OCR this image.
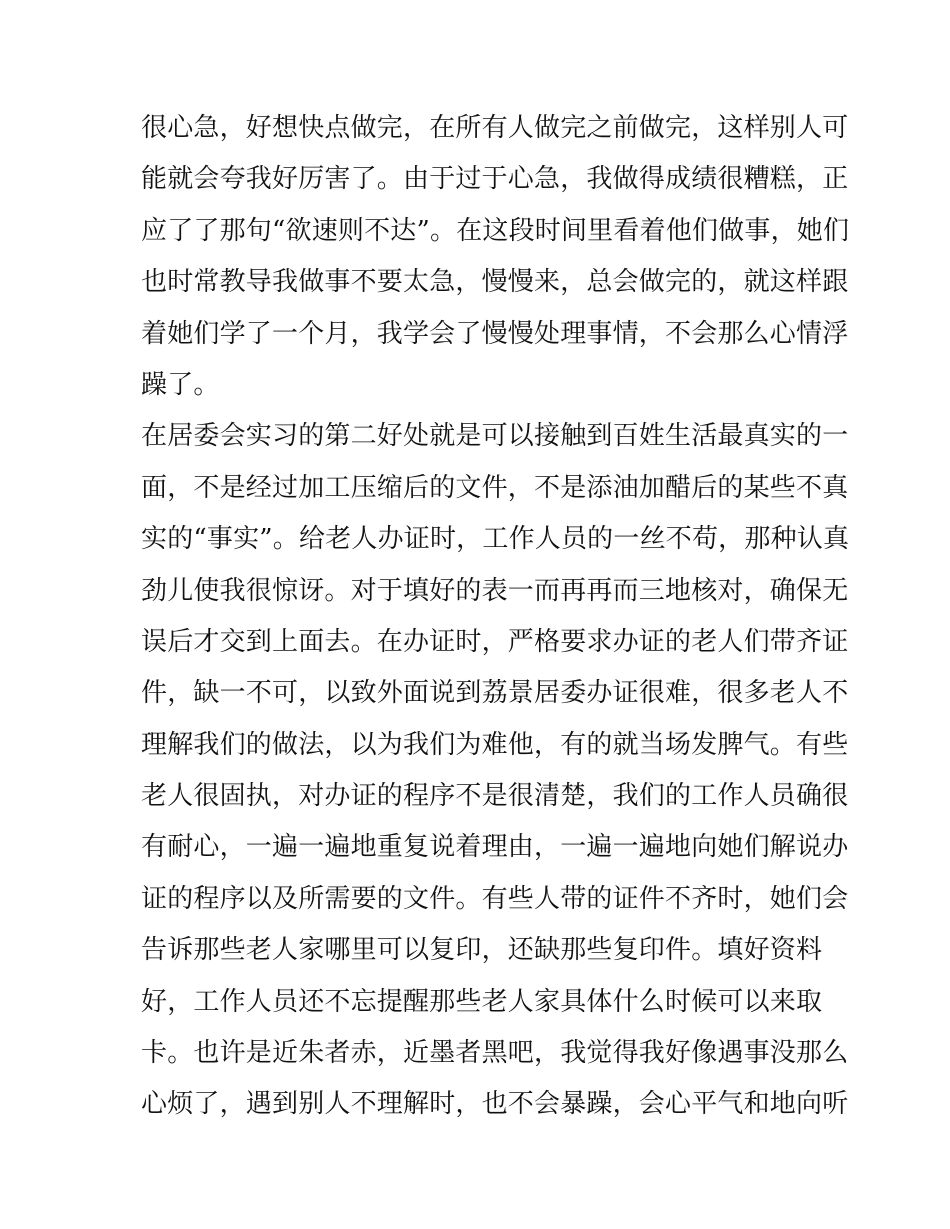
很心急，好想快点做完，在所有人做完之前做完，这样别人可
能就会夸我好厉害了。由于过于心急，我做得成绩很糟糕，正
应了了那句“欲速则不达”。在这段时间里看着他们做事，她们
也时常教导我做事不要太急，慢慢来，总会做完的，就这样跟
着她们学了一个月，我学会了慢慢处理事情，不会那么心情浮
躁了。
在居委会实习的第二好处就是可以接触到百姓生活最真实的一
面，不是经过加工压缩后的文件，不是添油加醋后的某些不真
实的“事实”。给老人办证时，工作人员的一丝不苟，那种认真
劲儿使我很惊讶。对于填好的表一而再再而三地核对，确保无
误后才交到上面去。在办证时，严格要求办证的老人们带齐证
件，缺一不可，以致外面说到荔景居委办证很难，很多老人不
理解我们的做法，以为我们为难他，有的就当场发脾气。有些
老人很固执，对办证的程序不是很清楚，我们的工作人员确很
有耐心，一遍一遍地重复说着理由，一遍一遍地向她们解说办
证的程序以及所需要的文件。有些人带的证件不齐时，她们会
告诉那些老人家哪里可以复印，还缺那些复印件。填好资料
好，工作人员还不忘提醒那些老人家具体什么时候可以来取
卡。也许是近朱者赤，近墨者黑吧，我觉得我好像遇事没那么
心烦了，遇到别人不理解时，也不会暴躁，会心平气和地向听
